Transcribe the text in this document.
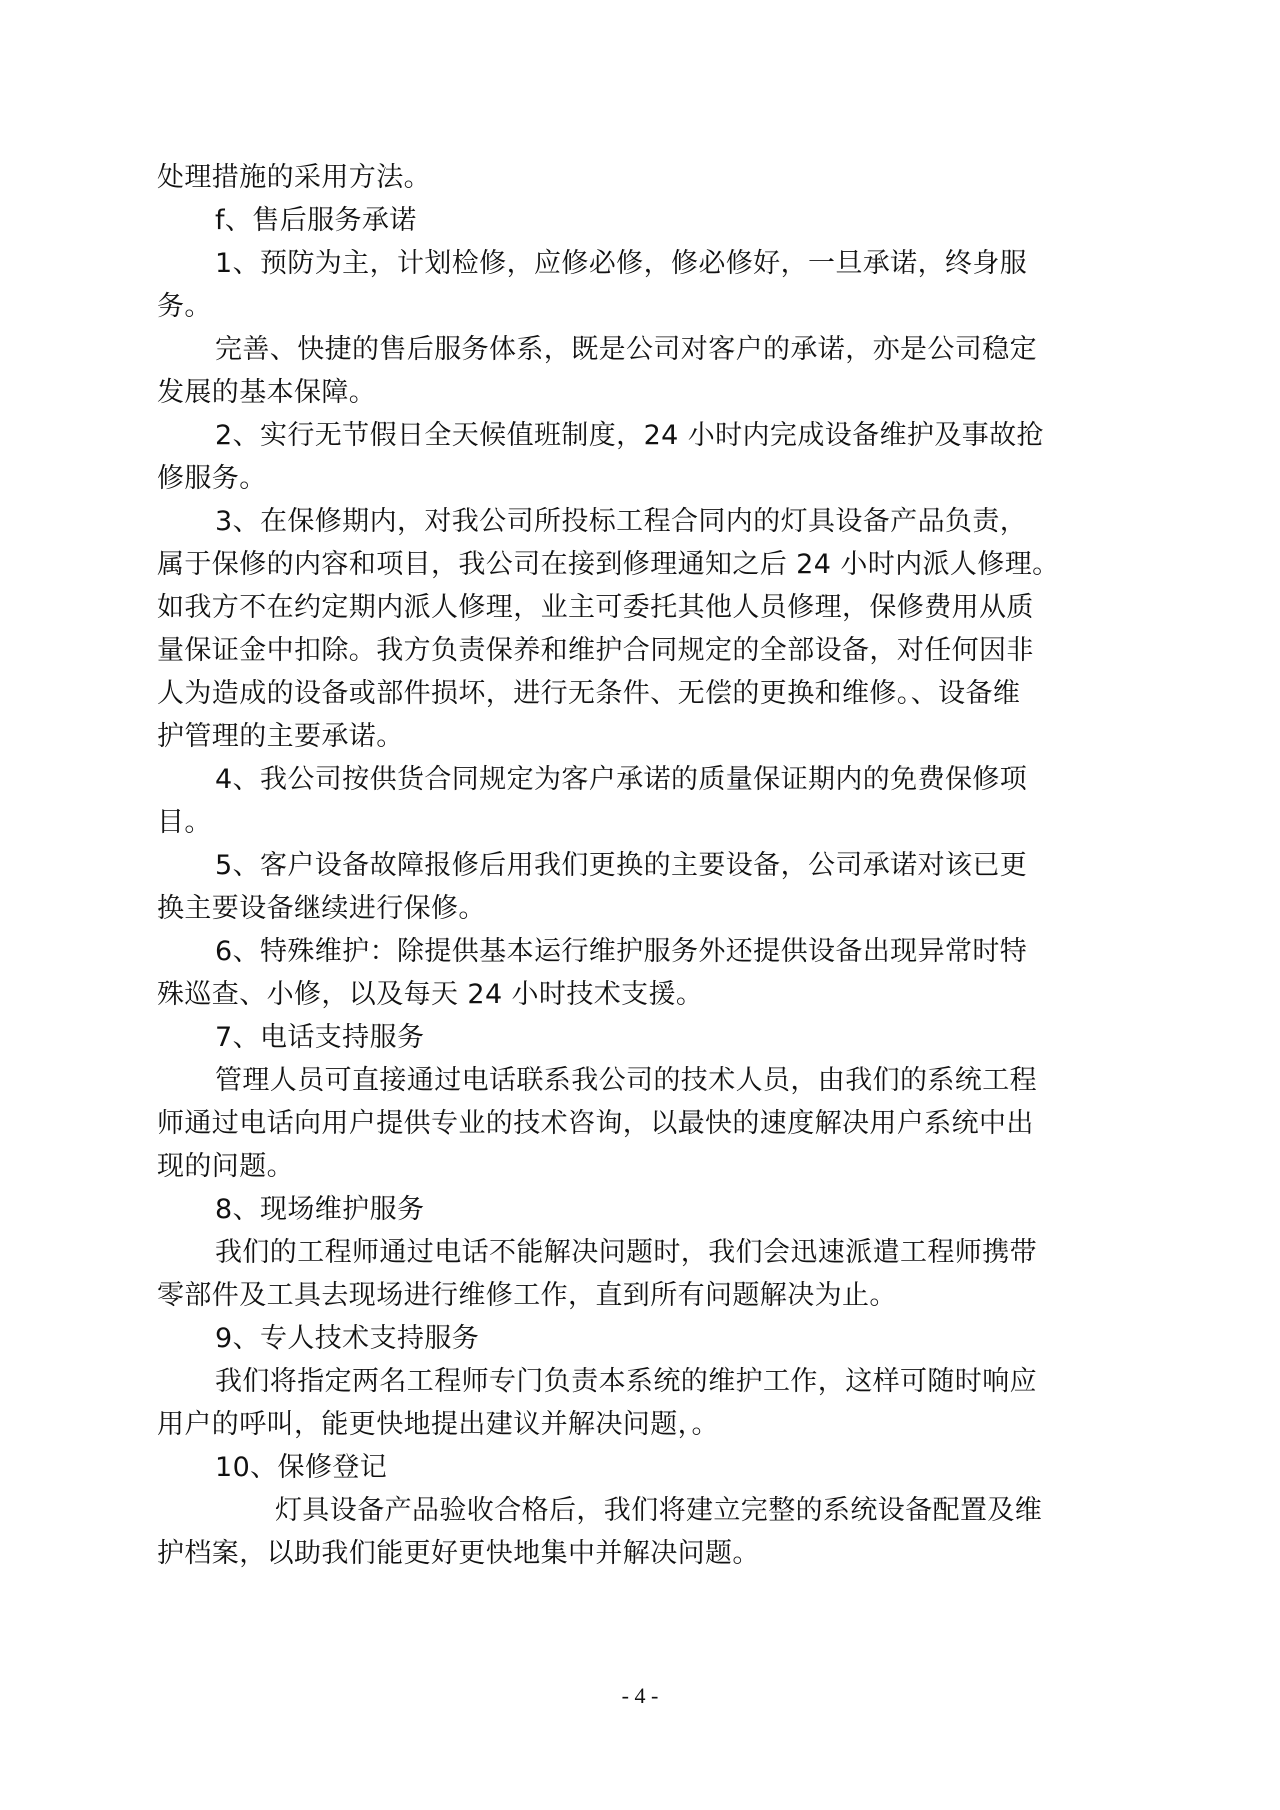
处理措施的采用方法。
f、售后服务承诺
1、预防为主，计划检修，应修必修，修必修好，一旦承诺，终身服
务。
完善、快捷的售后服务体系，既是公司对客户的承诺，亦是公司稳定
发展的基本保障。
2、实行无节假日全天候值班制度，24 小时内完成设备维护及事故抢
修服务。
3、在保修期内，对我公司所投标工程合同内的灯具设备产品负责，
属于保修的内容和项目，我公司在接到修理通知之后 24 小时内派人修理。
如我方不在约定期内派人修理，业主可委托其他人员修理，保修费用从质
量保证金中扣除。我方负责保养和维护合同规定的全部设备，对任何因非
人为造成的设备或部件损坏，进行无条件、无偿的更换和维修。、设备维
护管理的主要承诺。
4、我公司按供货合同规定为客户承诺的质量保证期内的免费保修项
目。
5、客户设备故障报修后用我们更换的主要设备，公司承诺对该已更
换主要设备继续进行保修。
6、特殊维护：除提供基本运行维护服务外还提供设备出现异常时特
殊巡查、小修，以及每天 24 小时技术支援。
7、电话支持服务
管理人员可直接通过电话联系我公司的技术人员，由我们的系统工程
师通过电话向用户提供专业的技术咨询，以最快的速度解决用户系统中出
现的问题。
8、现场维护服务
我们的工程师通过电话不能解决问题时，我们会迅速派遣工程师携带
零部件及工具去现场进行维修工作，直到所有问题解决为止。
9、专人技术支持服务
我们将指定两名工程师专门负责本系统的维护工作，这样可随时响应
用户的呼叫，能更快地提出建议并解决问题，。
10、保修登记
灯具设备产品验收合格后，我们将建立完整的系统设备配置及维
护档案，以助我们能更好更快地集中并解决问题。
- 4 -
